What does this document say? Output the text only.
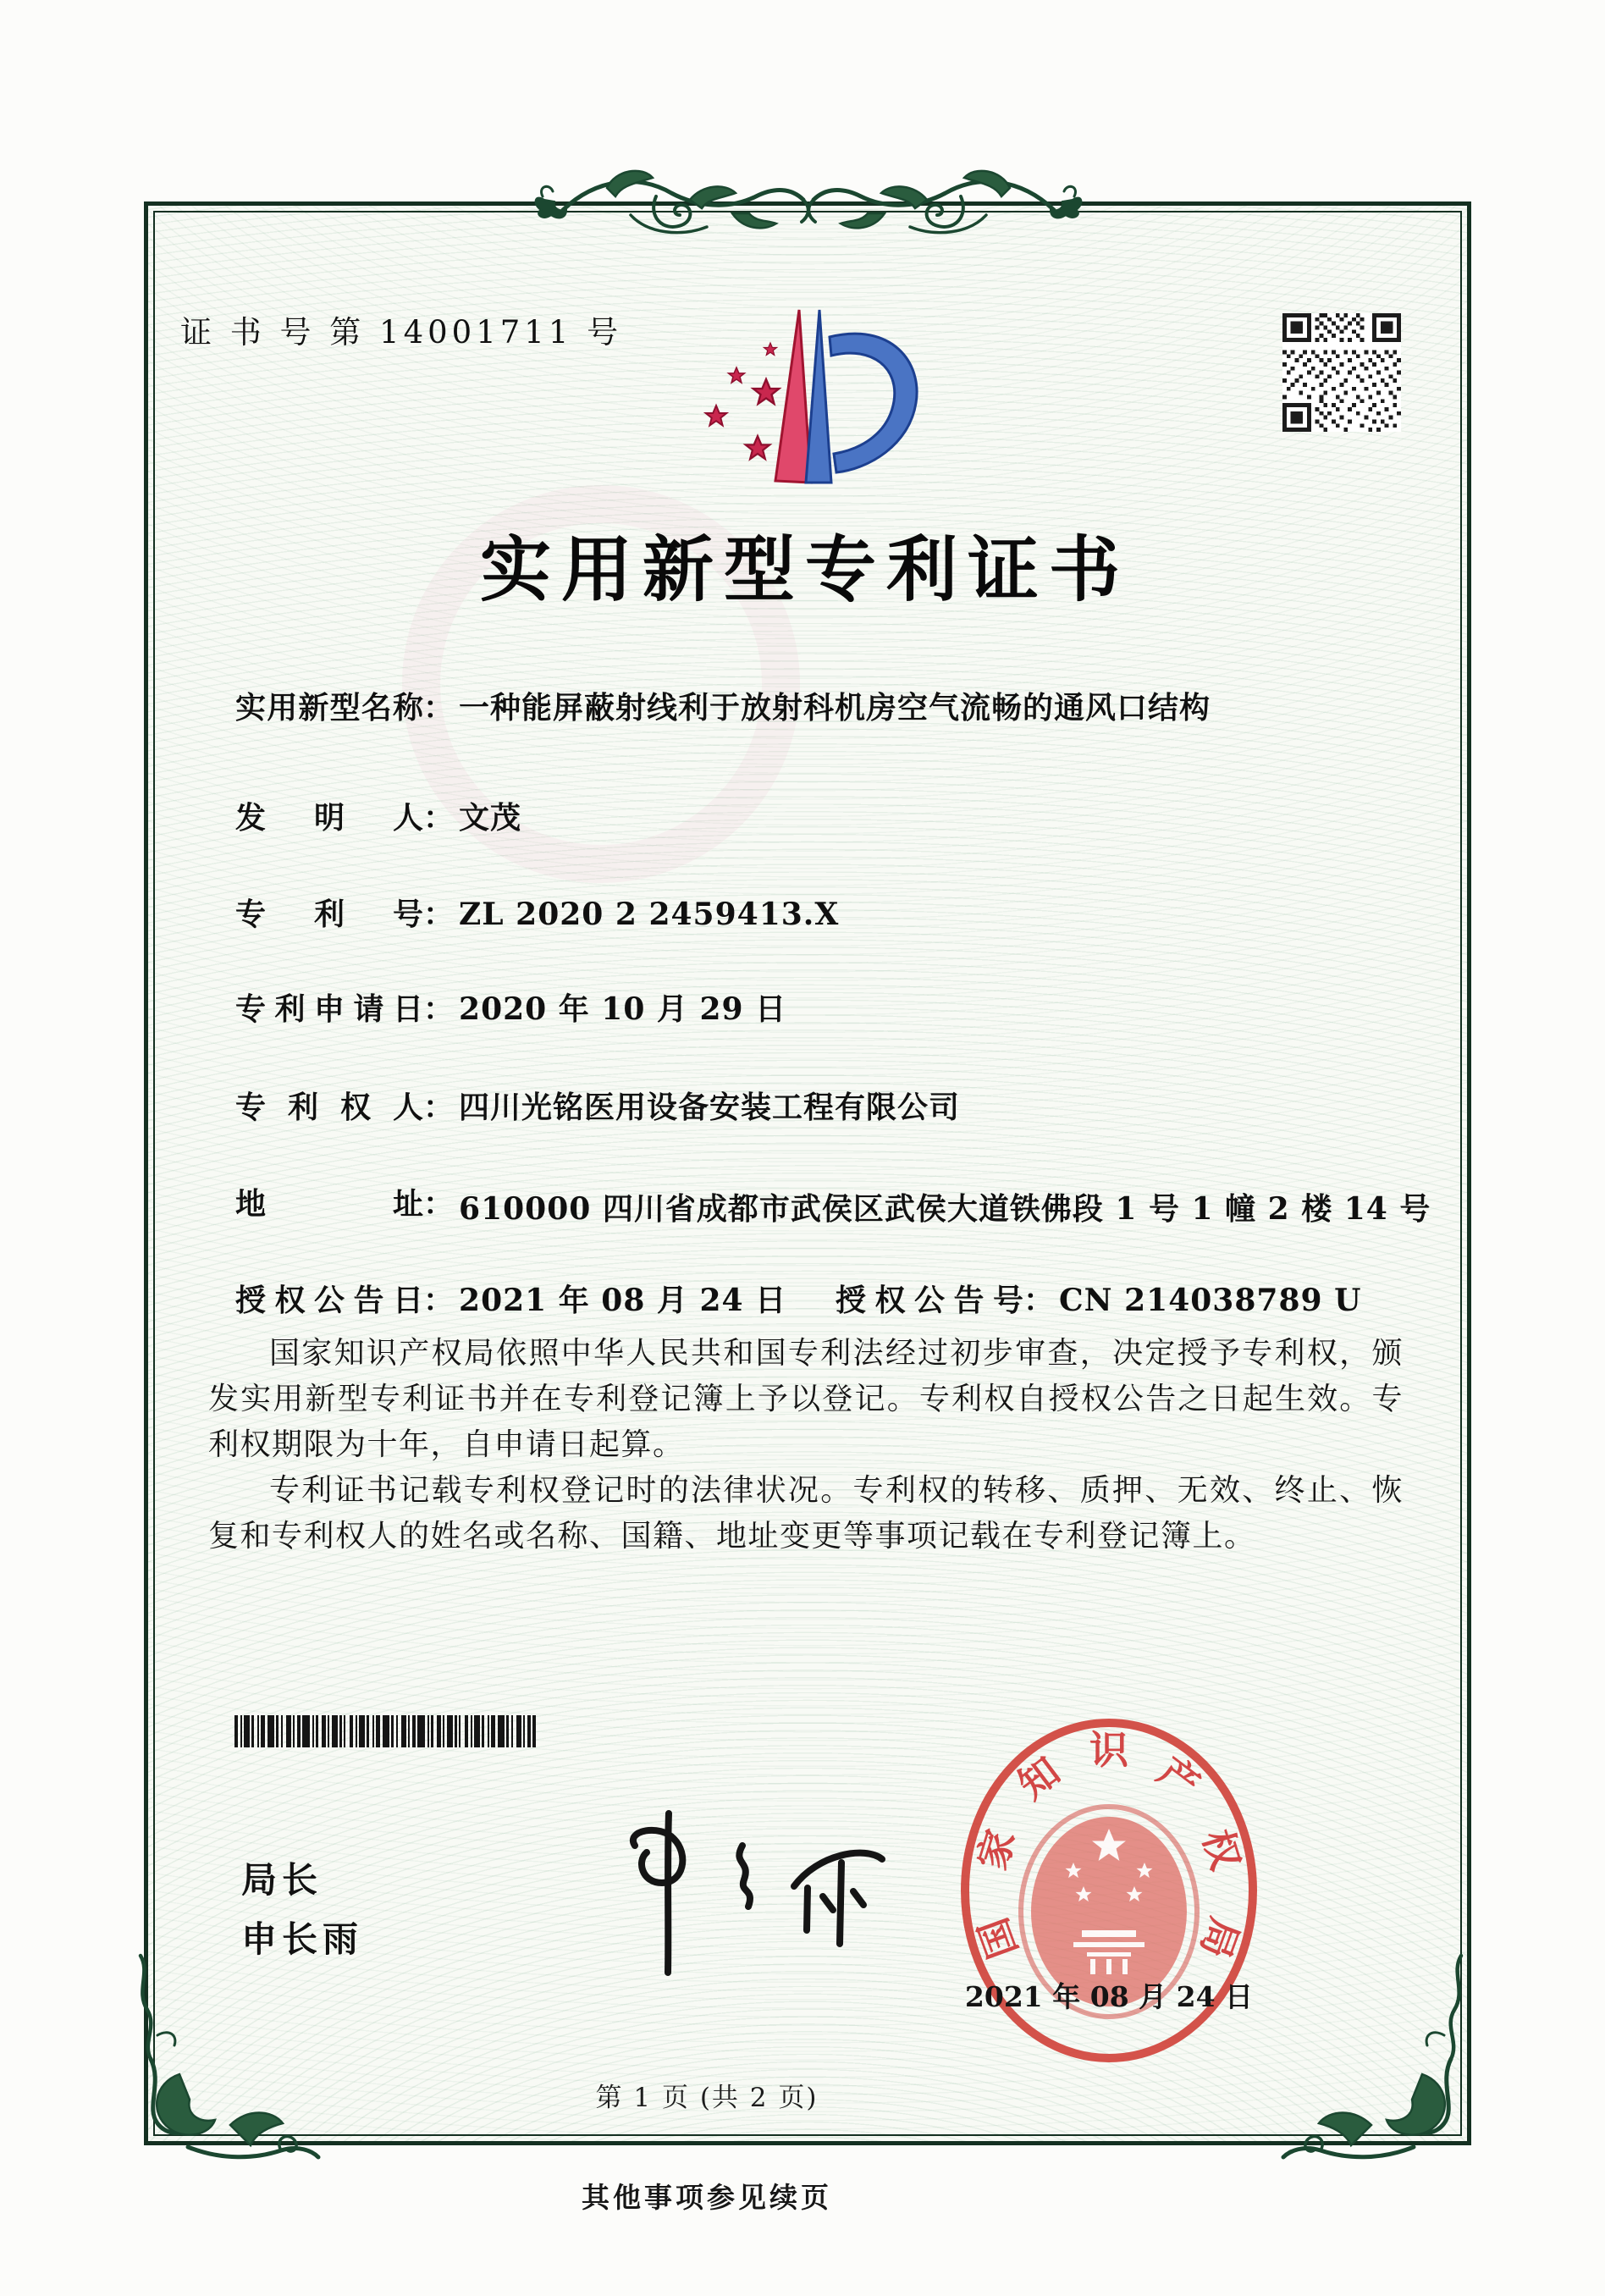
证 书 号 第 14001711 号
实用新型专利证书
实用新型名称： 一种能屏蔽射线利于放射科机房空气流畅的通风口结构
发明人： 文茂
专利号： ZL 2020 2 2459413.X
专利申请日： 2020 年 10 月 29 日
专利权人： 四川光铭医用设备安装工程有限公司
地址： 610000 四川省成都市武侯区武侯大道铁佛段 1 号 1 幢 2 楼 14 号
授权公告日： 2021 年 08 月 24 日 授权公告号： CN 214038789 U

国家知识产权局依照中华人民共和国专利法经过初步审查，决定授予专利权，颁发实用新型专利证书并在专利登记簿上予以登记。专利权自授权公告之日起生效。专利权期限为十年，自申请日起算。

专利证书记载专利权登记时的法律状况。专利权的转移、质押、无效、终止、恢复和专利权人的姓名或名称、国籍、地址变更等事项记载在专利登记簿上。

局长
申长雨	国
家
知 识 产
权
局
2021 年 08 月 24 日
第 1 页 (共 2 页)
其他事项参见续页
